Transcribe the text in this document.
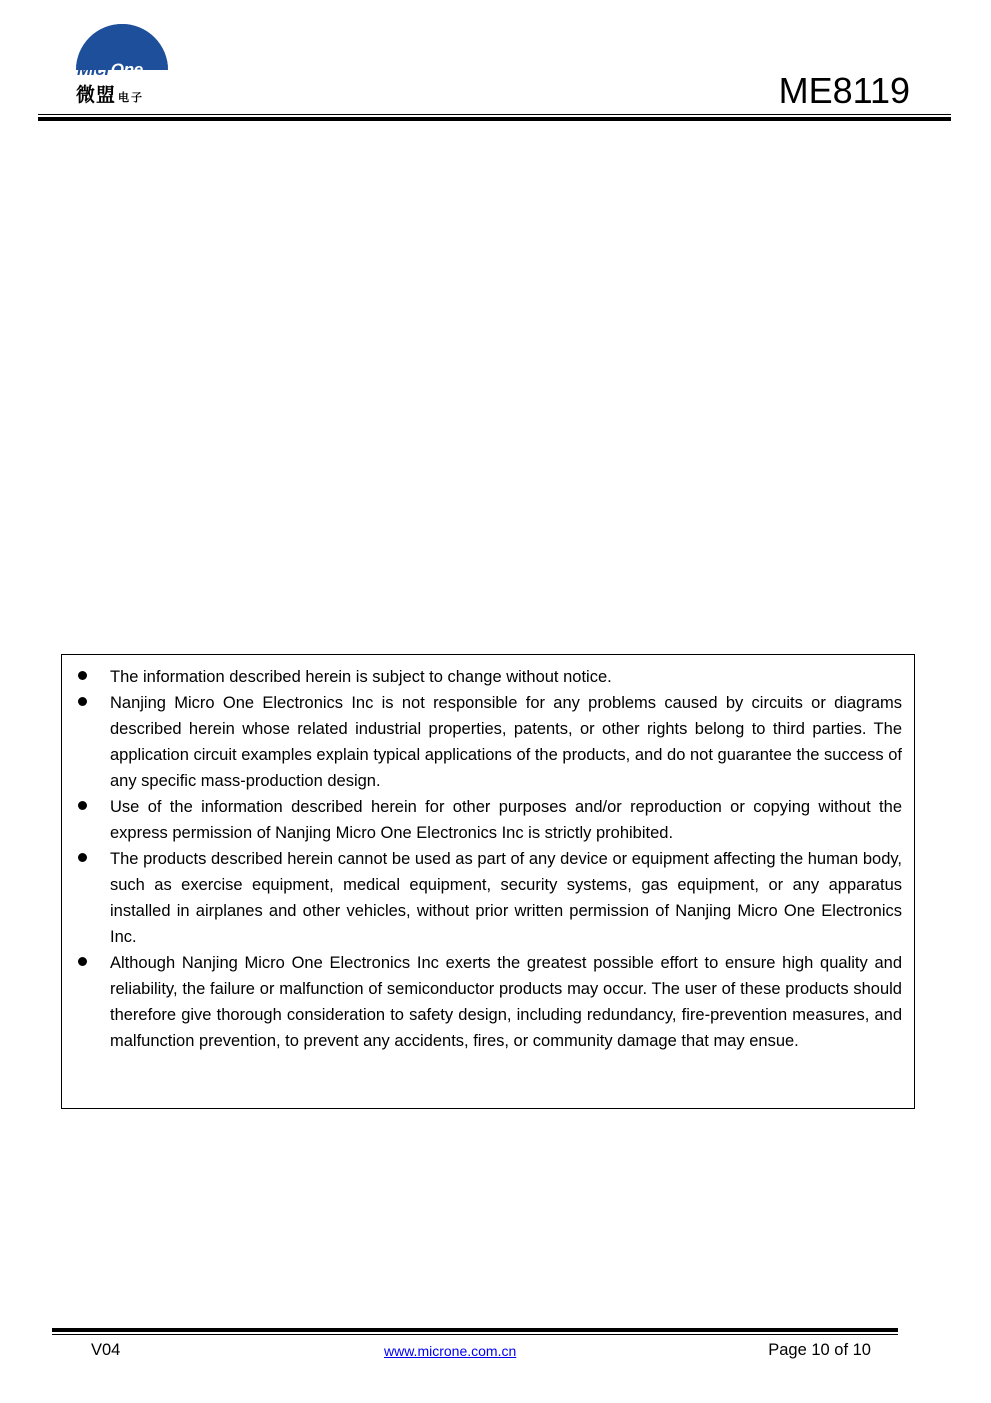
MicrOne
微盟 电子	ME8119
The information described herein is subject to change without notice.
Nanjing Micro One Electronics Inc is not responsible for any problems caused by circuits or diagrams described herein whose related industrial properties, patents, or other rights belong to third parties. The application circuit examples explain typical applications of the products, and do not guarantee the success of any specific mass-production design.
Use of the information described herein for other purposes and/or reproduction or copying without the express permission of Nanjing Micro One Electronics Inc is strictly prohibited.
The products described herein cannot be used as part of any device or equipment affecting the human body, such as exercise equipment, medical equipment, security systems, gas equipment, or any apparatus installed in airplanes and other vehicles, without prior written permission of Nanjing Micro One Electronics Inc.
Although Nanjing Micro One Electronics Inc exerts the greatest possible effort to ensure high quality and reliability, the failure or malfunction of semiconductor products may occur. The user of these products should therefore give thorough consideration to safety design, including redundancy, fire-prevention measures, and malfunction prevention, to prevent any accidents, fires, or community damage that may ensue.
V04	www.microne.com.cn	Page 10 of 10
